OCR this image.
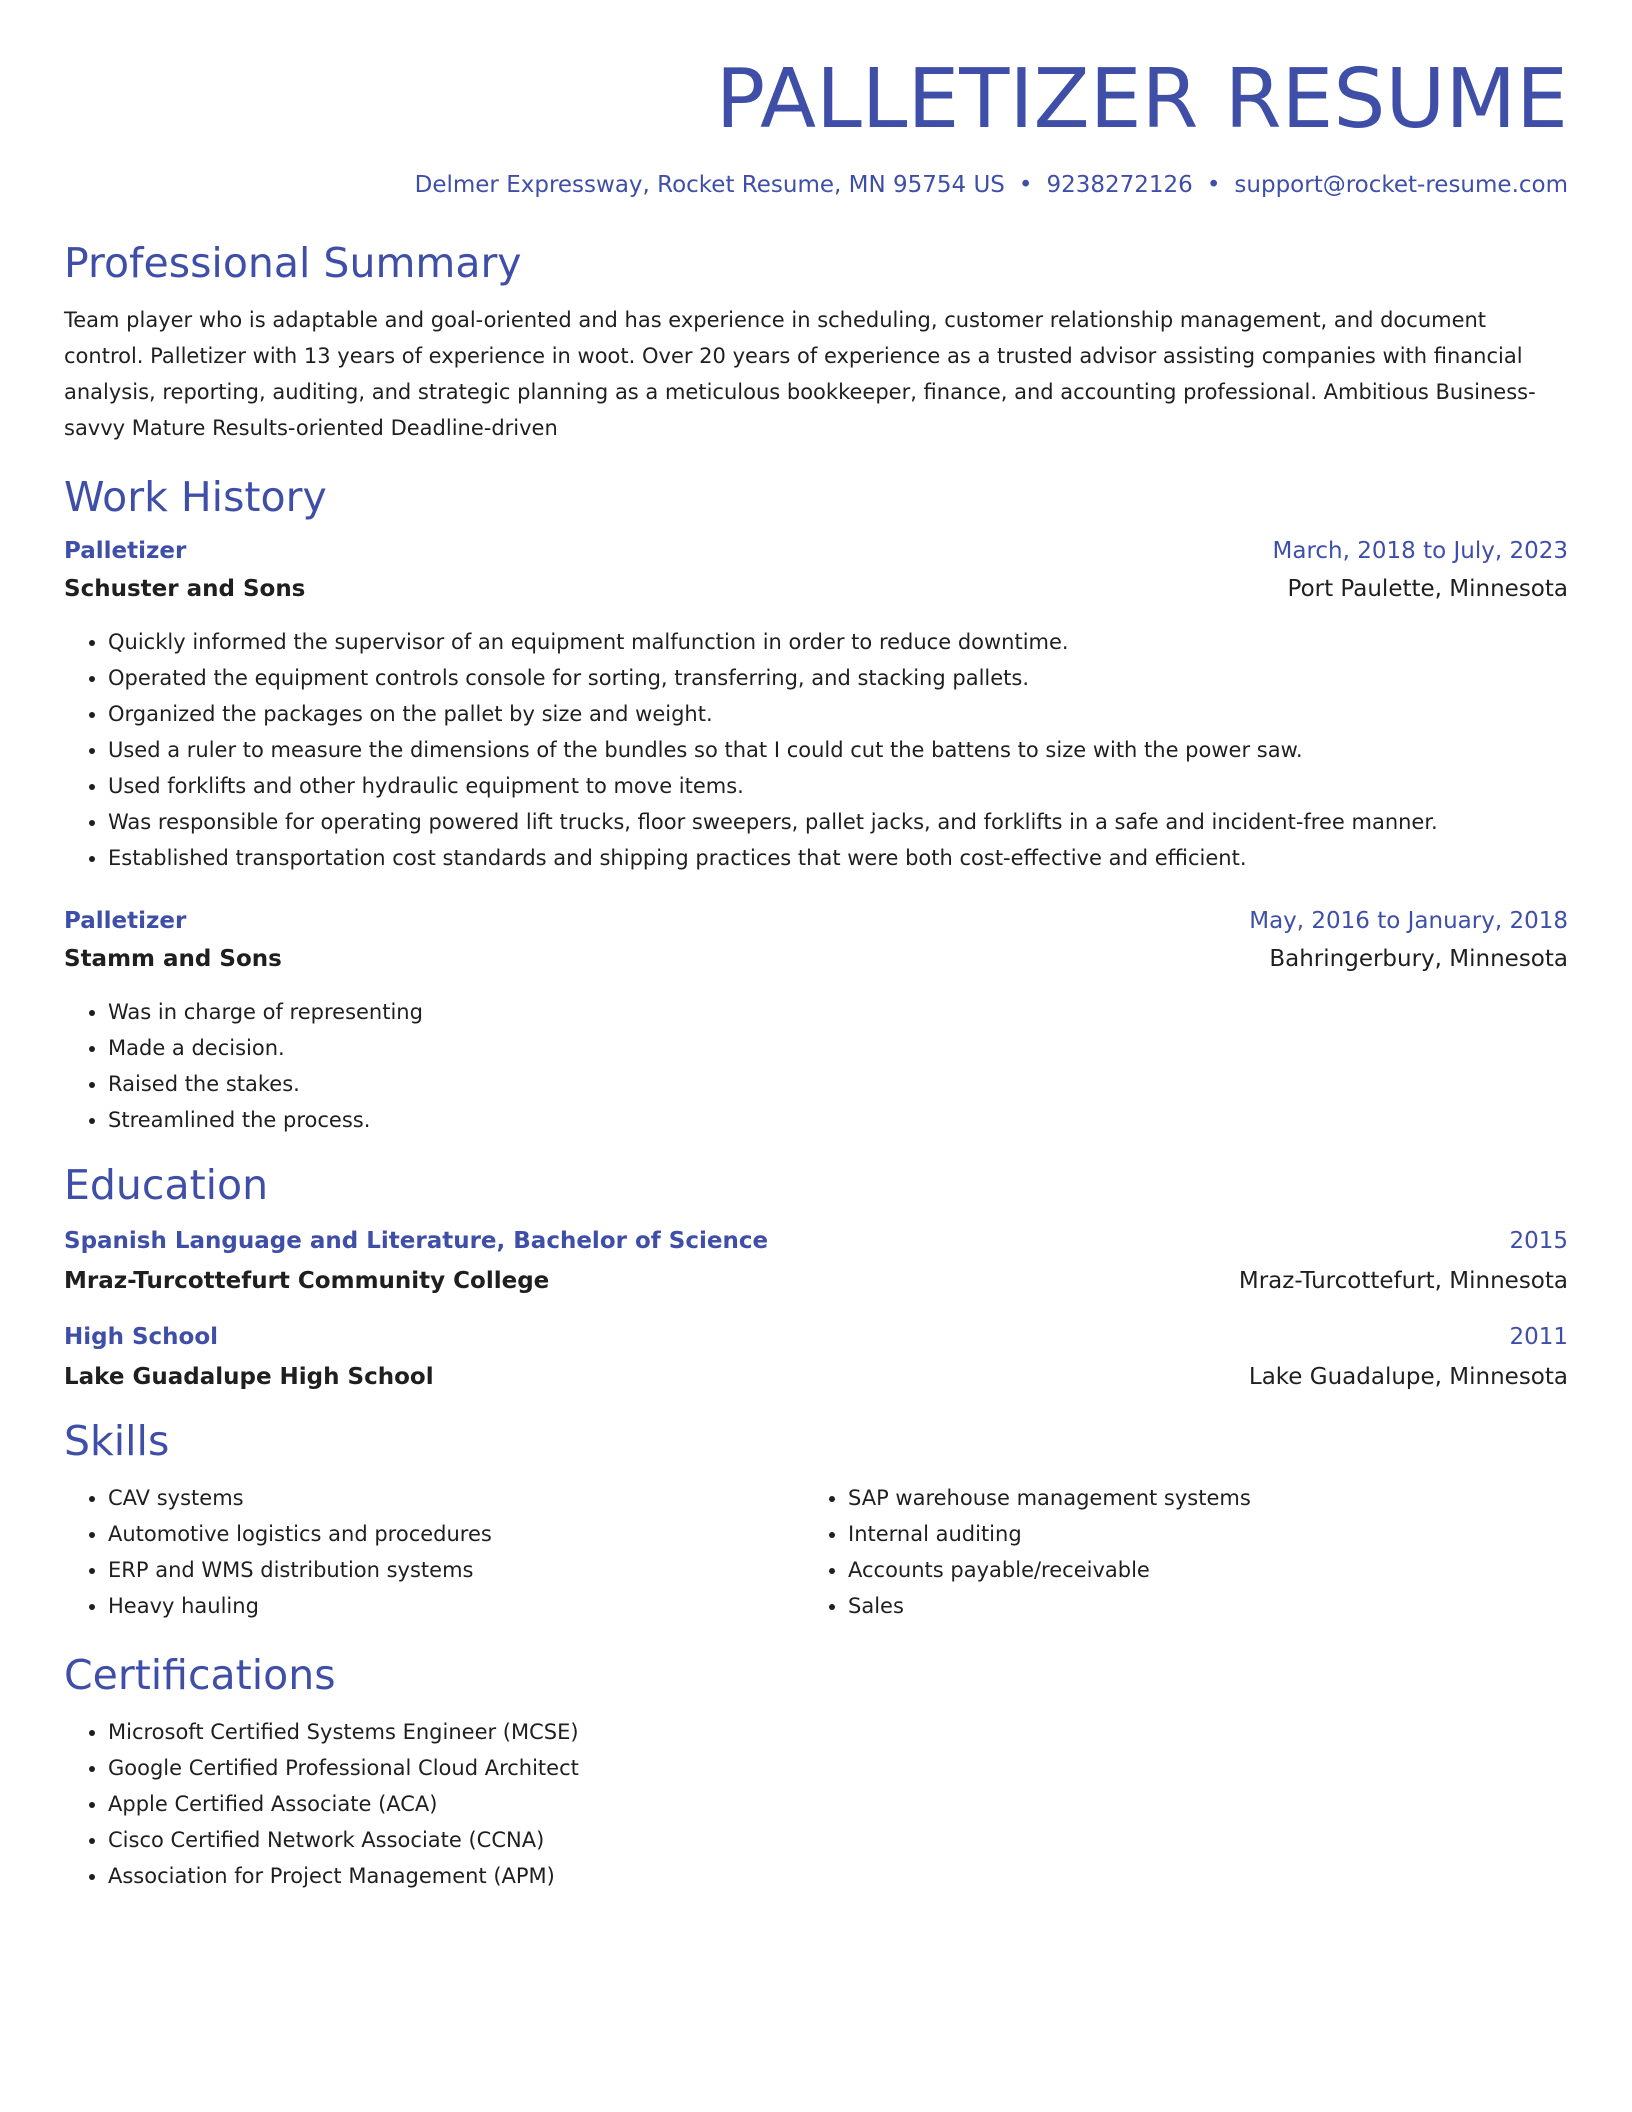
PALLETIZER RESUME
Delmer Expressway, Rocket Resume, MN 95754 US • 9238272126 • support@rocket-resume.com
Professional Summary
Team player who is adaptable and goal-oriented and has experience in scheduling, customer relationship management, and document control. Palletizer with 13 years of experience in woot. Over 20 years of experience as a trusted advisor assisting companies with financial analysis, reporting, auditing, and strategic planning as a meticulous bookkeeper, finance, and accounting professional. Ambitious Business-savvy Mature Results-oriented Deadline-driven
Work History
Palletizer	March, 2018 to July, 2023
Schuster and Sons	Port Paulette, Minnesota
• Quickly informed the supervisor of an equipment malfunction in order to reduce downtime.
• Operated the equipment controls console for sorting, transferring, and stacking pallets.
• Organized the packages on the pallet by size and weight.
• Used a ruler to measure the dimensions of the bundles so that I could cut the battens to size with the power saw.
• Used forklifts and other hydraulic equipment to move items.
• Was responsible for operating powered lift trucks, floor sweepers, pallet jacks, and forklifts in a safe and incident-free manner.
• Established transportation cost standards and shipping practices that were both cost-effective and efficient.
Palletizer	May, 2016 to January, 2018
Stamm and Sons	Bahringerbury, Minnesota
• Was in charge of representing
• Made a decision.
• Raised the stakes.
• Streamlined the process.
Education
Spanish Language and Literature, Bachelor of Science	2015
Mraz-Turcottefurt Community College	Mraz-Turcottefurt, Minnesota
High School	2011
Lake Guadalupe High School	Lake Guadalupe, Minnesota
Skills
• CAV systems
• Automotive logistics and procedures
• ERP and WMS distribution systems
• Heavy hauling
• SAP warehouse management systems
• Internal auditing
• Accounts payable/receivable
• Sales
Certifications
• Microsoft Certified Systems Engineer (MCSE)
• Google Certified Professional Cloud Architect
• Apple Certified Associate (ACA)
• Cisco Certified Network Associate (CCNA)
• Association for Project Management (APM)
